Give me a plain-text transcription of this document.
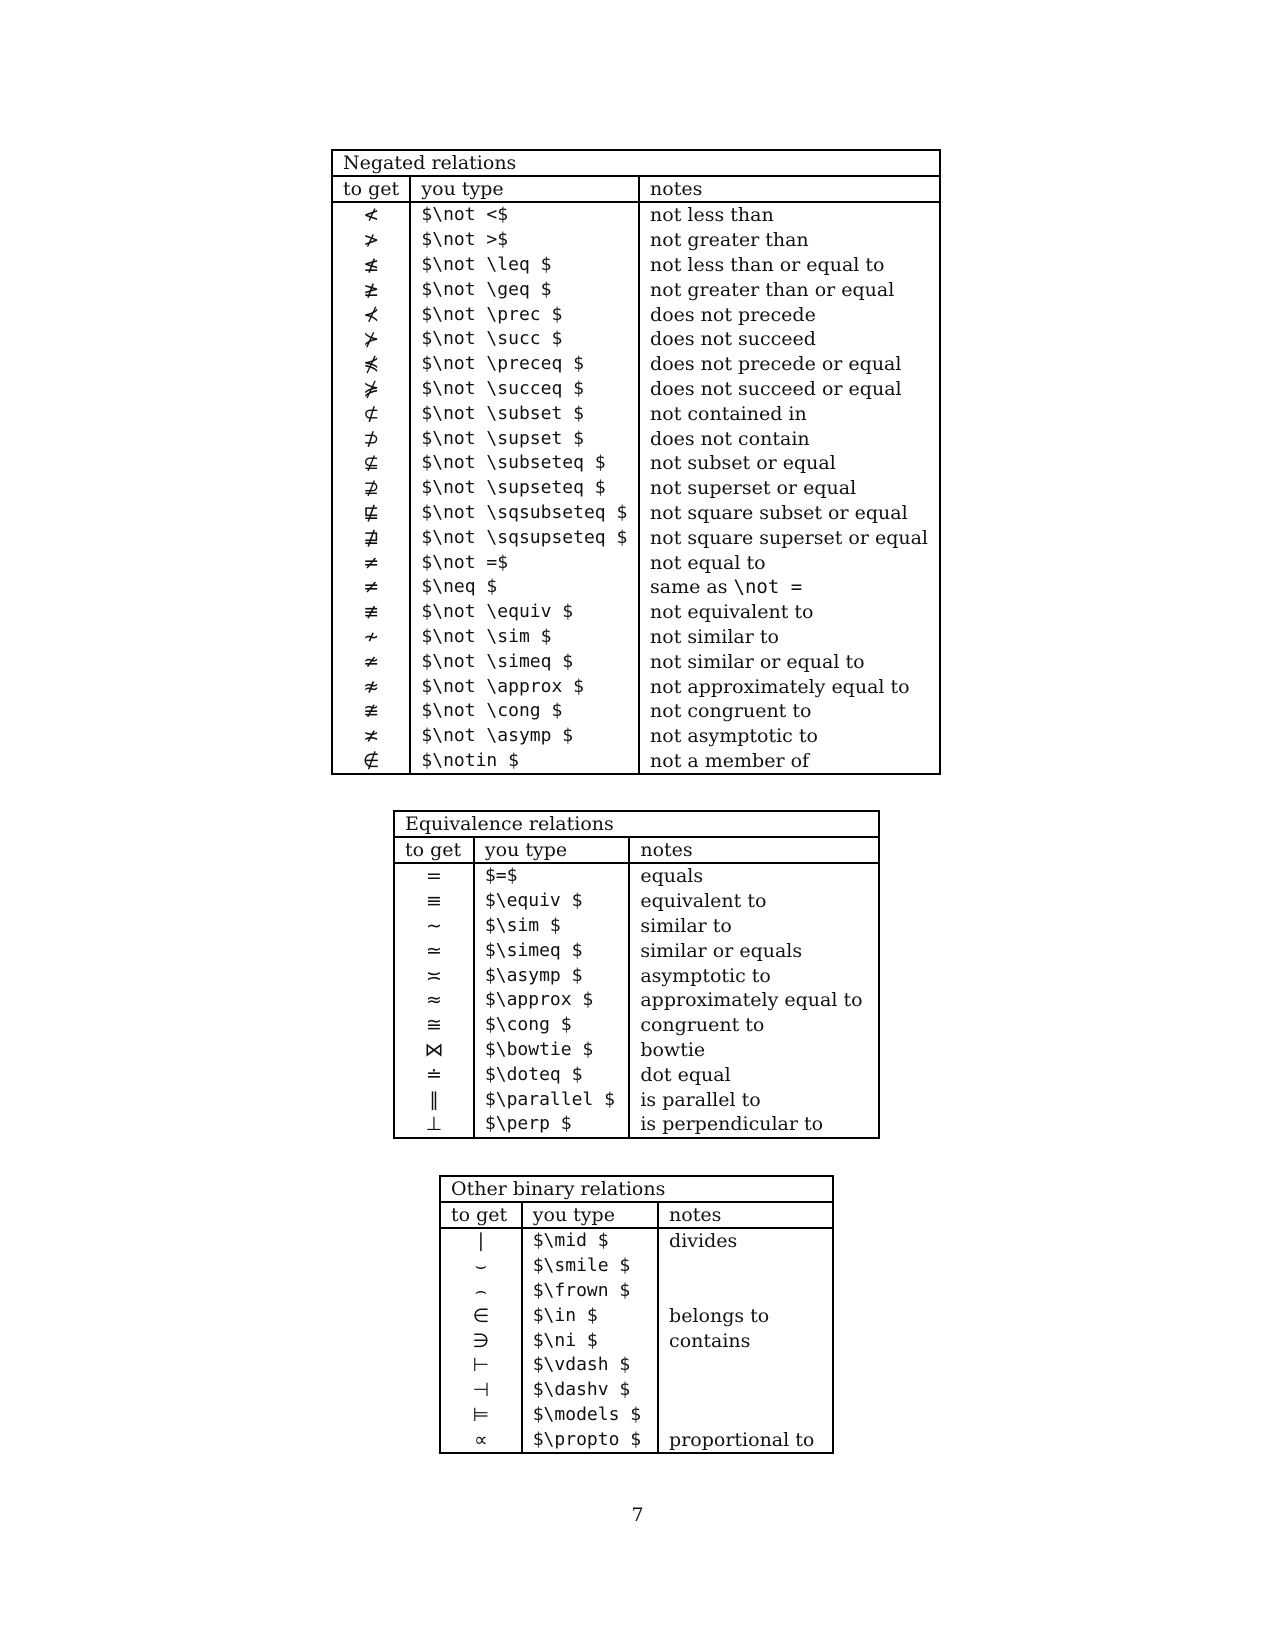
Negated relations		
to get	you type	notes
≮	$\not <$	not less than
≯	$\not >$	not greater than
≰	$\not \leq $	not less than or equal to
≱	$\not \geq $	not greater than or equal
⊀	$\not \prec $	does not precede
⊁	$\not \succ $	does not succeed
⋠	$\not \preceq $	does not precede or equal
⋡	$\not \succeq $	does not succeed or equal
⊄	$\not \subset $	not contained in
⊅	$\not \supset $	does not contain
⊈	$\not \subseteq $	not subset or equal
⊉	$\not \supseteq $	not superset or equal
⋢	$\not \sqsubseteq $	not square subset or equal
⋣	$\not \sqsupseteq $	not square superset or equal
≠	$\not =$	not equal to
≠	$\neq $	same as \not =
≢	$\not \equiv $	not equivalent to
≁	$\not \sim $	not similar to
≄	$\not \simeq $	not similar or equal to
≉	$\not \approx $	not approximately equal to
≇	$\not \cong $	not congruent to
≭	$\not \asymp $	not asymptotic to
∉	$\notin $	not a member of
Equivalence relations		
to get	you type	notes
=	$=$	equals
≡	$\equiv $	equivalent to
∼	$\sim $	similar to
≃	$\simeq $	similar or equals
≍	$\asymp $	asymptotic to
≈	$\approx $	approximately equal to
≅	$\cong $	congruent to
⋈	$\bowtie $	bowtie
≐	$\doteq $	dot equal
∥	$\parallel $	is parallel to
⊥	$\perp $	is perpendicular to
Other binary relations		
to get	you type	notes
∣	$\mid $	divides
⌣	$\smile $	
⌢	$\frown $	
∈	$\in $	belongs to
∋	$\ni $	contains
⊢	$\vdash $	
⊣	$\dashv $	
⊨	$\models $	
∝	$\propto $	proportional to
7
